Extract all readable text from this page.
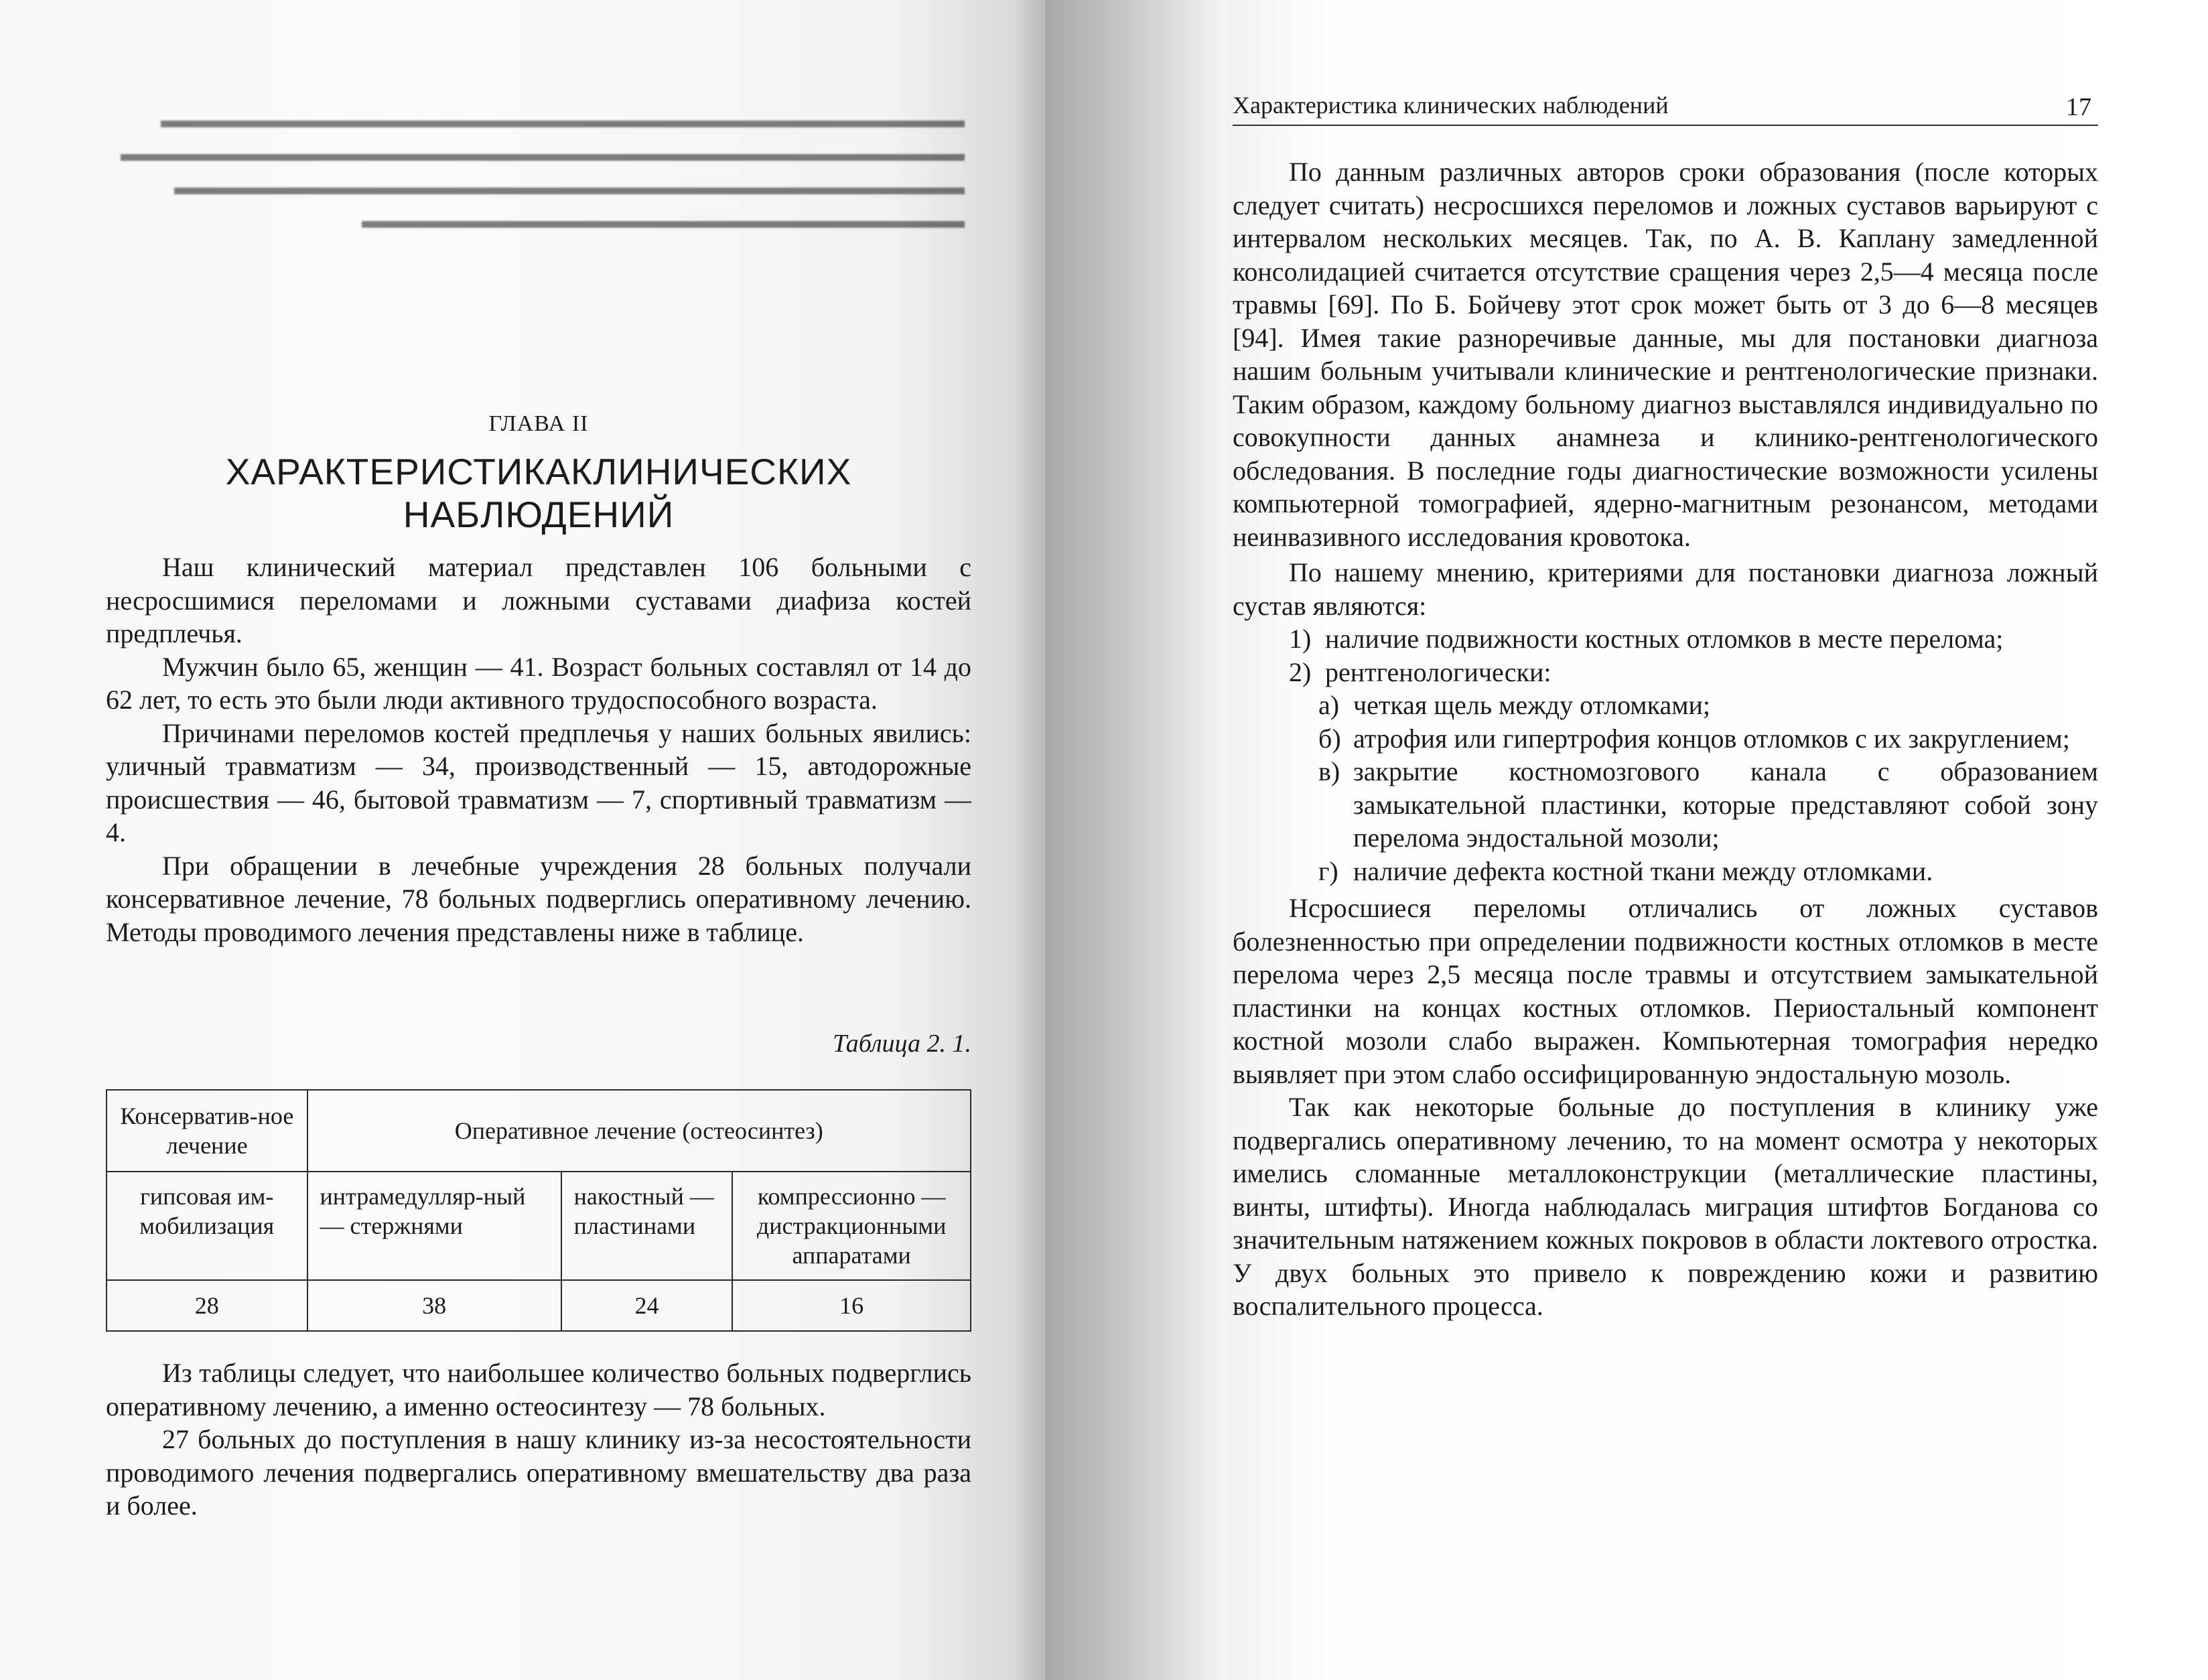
ГЛАВА II
ХАРАКТЕРИСТИКАКЛИНИЧЕСКИХ
НАБЛЮДЕНИЙ

Наш клинический материал представлен 106 больными с несросшимися переломами и ложными суставами диафиза костей предплечья.

Мужчин было 65, женщин — 41. Возраст больных составлял от 14 до 62 лет, то есть это были люди активного трудоспособного возраста.

Причинами переломов костей предплечья у наших больных явились: уличный травматизм — 34, производственный — 15, автодорожные происшествия — 46, бытовой травматизм — 7, спортивный травматизм — 4.

При обращении в лечебные учреждения 28 больных получали консервативное лечение, 78 больных подверглись оперативному лечению. Методы проводимого лечения представлены ниже в таблице.

Таблица 2. 1.
Консерватив-ное лечение	Оперативное лечение (остеосинтез)		
гипсовая им-мобилизация	интрамедулляр-ный — стержнями	накостный — пластинами	компрессионно — дистракционными аппаратами
28	38	24	16

Из таблицы следует, что наибольшее количество больных подверглись оперативному лечению, а именно остеосинтезу — 78 больных.

27 больных до поступления в нашу клинику из-за несостоятельности проводимого лечения подвергались оперативному вмешательству два раза и более.

Характеристика клинических наблюдений	17

По данным различных авторов сроки образования (после которых следует считать) несросшихся переломов и ложных суставов варьируют с интервалом нескольких месяцев. Так, по А. В. Каплану замедленной консолидацией считается отсутствие сращения через 2,5—4 месяца после травмы [69]. По Б. Бойчеву этот срок может быть от 3 до 6—8 месяцев [94]. Имея такие разноречивые данные, мы для постановки диагноза нашим больным учитывали клинические и рентгенологические признаки. Таким образом, каждому больному диагноз выставлялся индивидуально по совокупности данных анамнеза и клинико-рентгенологического обследования. В последние годы диагностические возможности усилены компьютерной томографией, ядерно-магнитным резонансом, методами неинвазивного исследования кровотока.

По нашему мнению, критериями для постановки диагноза ложный сустав являются:

1) наличие подвижности костных отломков в месте перелома;
2) рентгенологически:
а) четкая щель между отломками;
б) атрофия или гипертрофия концов отломков с их закруглением;
в) закрытие костномозгового канала с образованием замыкательной пластинки, которые представляют собой зону перелома эндостальной мозоли;
г) наличие дефекта костной ткани между отломками.

Нсросшиеся переломы отличались от ложных суставов болезненностью при определении подвижности костных отломков в месте перелома через 2,5 месяца после травмы и отсутствием замыкательной пластинки на концах костных отломков. Периостальный компонент костной мозоли слабо выражен. Компьютерная томография нередко выявляет при этом слабо оссифицированную эндостальную мозоль.

Так как некоторые больные до поступления в клинику уже подвергались оперативному лечению, то на момент осмотра у некоторых имелись сломанные металлоконструкции (металлические пластины, винты, штифты). Иногда наблюдалась миграция штифтов Богданова со значительным натяжением кожных покровов в области локтевого отростка. У двух больных это привело к повреждению кожи и развитию воспалительного процесса.
